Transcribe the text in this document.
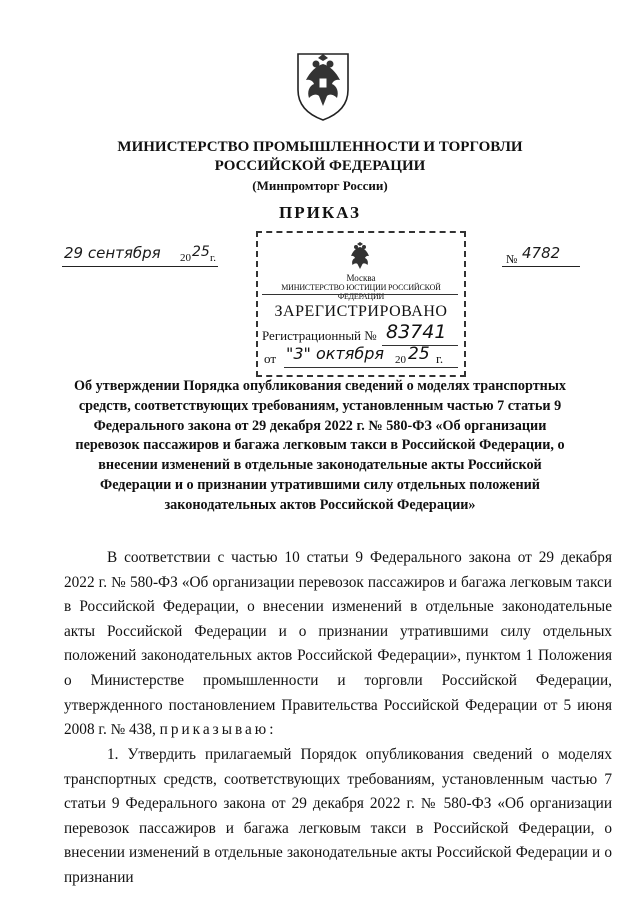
МИНИСТЕРСТВО ПРОМЫШЛЕННОСТИ И ТОРГОВЛИ
РОССИЙСКОЙ ФЕДЕРАЦИИ
(Минпромторг России)
ПРИКАЗ
29 сентября 20 25 г.	№ 4782
Москва
МИНИСТЕРСТВО ЮСТИЦИИ РОССИЙСКОЙ ФЕДЕРАЦИИ
ЗАРЕГИСТРИРОВАНО
Регистрационный № 83741
от "3" октября 20 25 г.
Об утверждении Порядка опубликования сведений о моделях транспортных средств, соответствующих требованиям, установленным частью 7 статьи 9 Федерального закона от 29 декабря 2022 г. № 580-ФЗ «Об организации перевозок пассажиров и багажа легковым такси в Российской Федерации, о внесении изменений в отдельные законодательные акты Российской Федерации и о признании утратившими силу отдельных положений законодательных актов Российской Федерации»
В соответствии с частью 10 статьи 9 Федерального закона от 29 декабря 2022 г. № 580-ФЗ «Об организации перевозок пассажиров и багажа легковым такси в Российской Федерации, о внесении изменений в отдельные законодательные акты Российской Федерации и о признании утратившими силу отдельных положений законодательных актов Российской Федерации», пунктом 1 Положения о Министерстве промышленности и торговли Российской Федерации, утвержденного постановлением Правительства Российской Федерации от 5 июня 2008 г. № 438, приказываю:
1. Утвердить прилагаемый Порядок опубликования сведений о моделях транспортных средств, соответствующих требованиям, установленным частью 7 статьи 9 Федерального закона от 29 декабря 2022 г. № 580-ФЗ «Об организации перевозок пассажиров и багажа легковым такси в Российской Федерации, о внесении изменений в отдельные законодательные акты Российской Федерации и о признании
